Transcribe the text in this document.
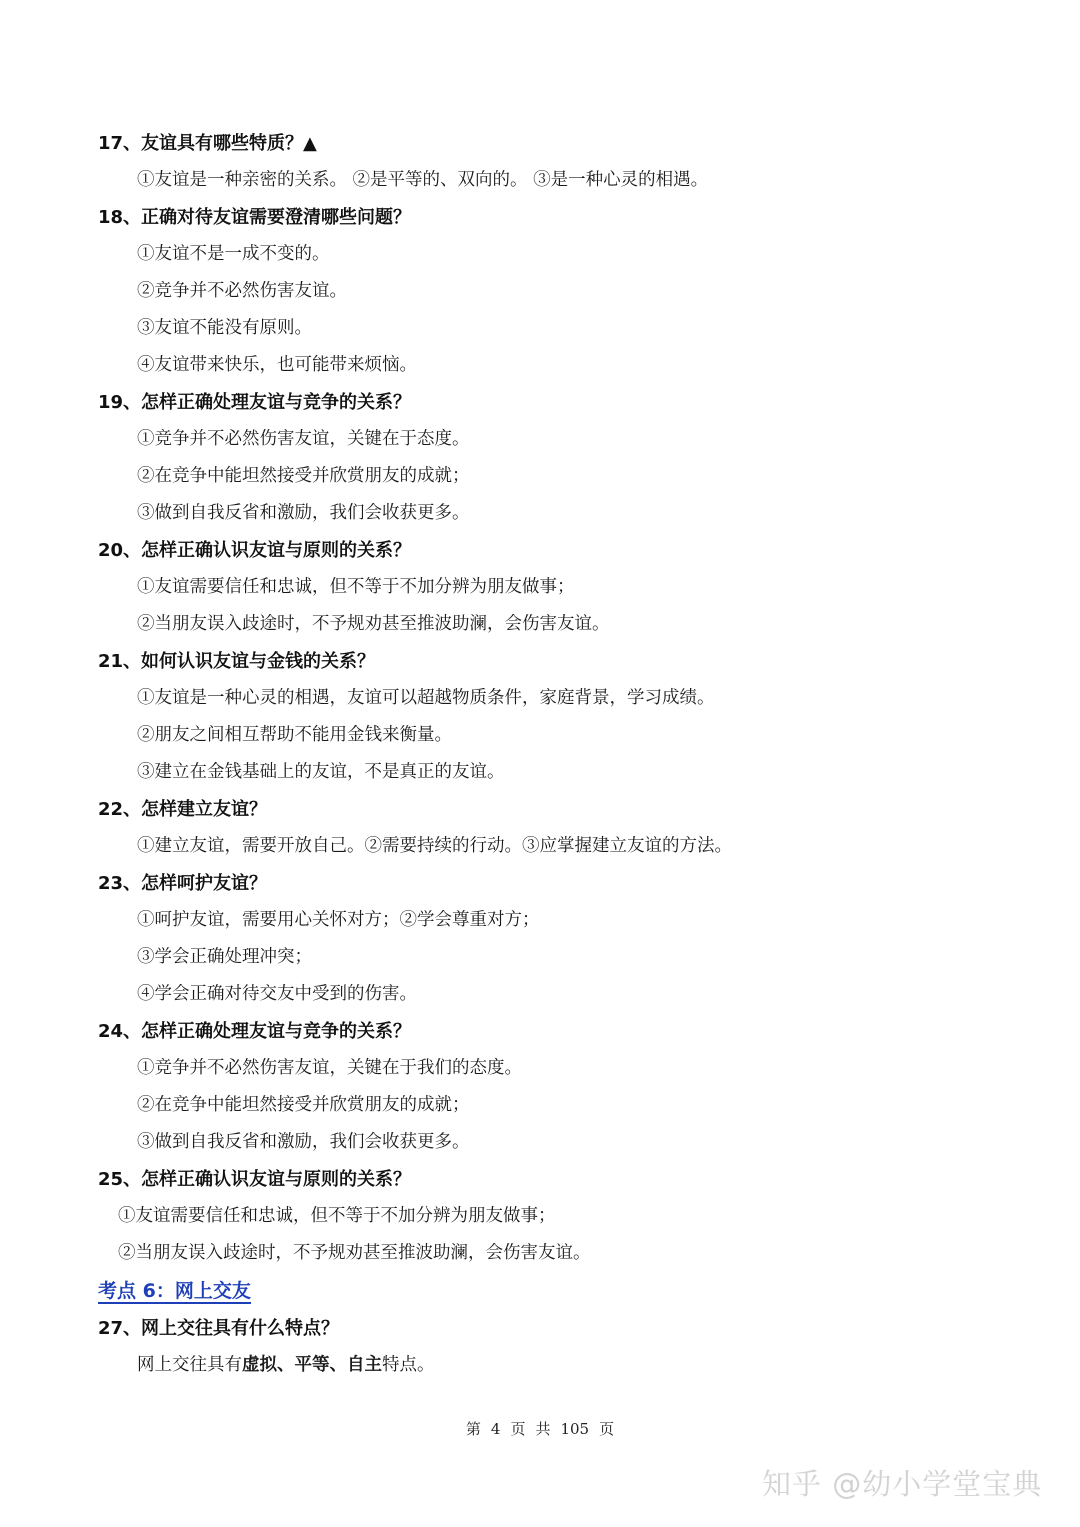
17、友谊具有哪些特质？▲
①友谊是一种亲密的关系。 ②是平等的、双向的。 ③是一种心灵的相遇。
18、正确对待友谊需要澄清哪些问题？
①友谊不是一成不变的。
②竞争并不必然伤害友谊。
③友谊不能没有原则。
④友谊带来快乐，也可能带来烦恼。
19、怎样正确处理友谊与竞争的关系？
①竞争并不必然伤害友谊，关键在于态度。
②在竞争中能坦然接受并欣赏朋友的成就；
③做到自我反省和激励，我们会收获更多。
20、怎样正确认识友谊与原则的关系？
①友谊需要信任和忠诚，但不等于不加分辨为朋友做事；
②当朋友误入歧途时，不予规劝甚至推波助澜，会伤害友谊。
21、如何认识友谊与金钱的关系？
①友谊是一种心灵的相遇，友谊可以超越物质条件，家庭背景，学习成绩。
②朋友之间相互帮助不能用金钱来衡量。
③建立在金钱基础上的友谊，不是真正的友谊。
22、怎样建立友谊？
①建立友谊，需要开放自己。②需要持续的行动。③应掌握建立友谊的方法。
23、怎样呵护友谊？
①呵护友谊，需要用心关怀对方；②学会尊重对方；
③学会正确处理冲突；
④学会正确对待交友中受到的伤害。
24、怎样正确处理友谊与竞争的关系？
①竞争并不必然伤害友谊，关键在于我们的态度。
②在竞争中能坦然接受并欣赏朋友的成就；
③做到自我反省和激励，我们会收获更多。
25、怎样正确认识友谊与原则的关系？
①友谊需要信任和忠诚，但不等于不加分辨为朋友做事；
②当朋友误入歧途时，不予规劝甚至推波助澜，会伤害友谊。
考点 6：网上交友
27、网上交往具有什么特点？
网上交往具有虚拟、平等、自主特点。
第 4 页 共 105 页
知乎 @幼小学堂宝典
